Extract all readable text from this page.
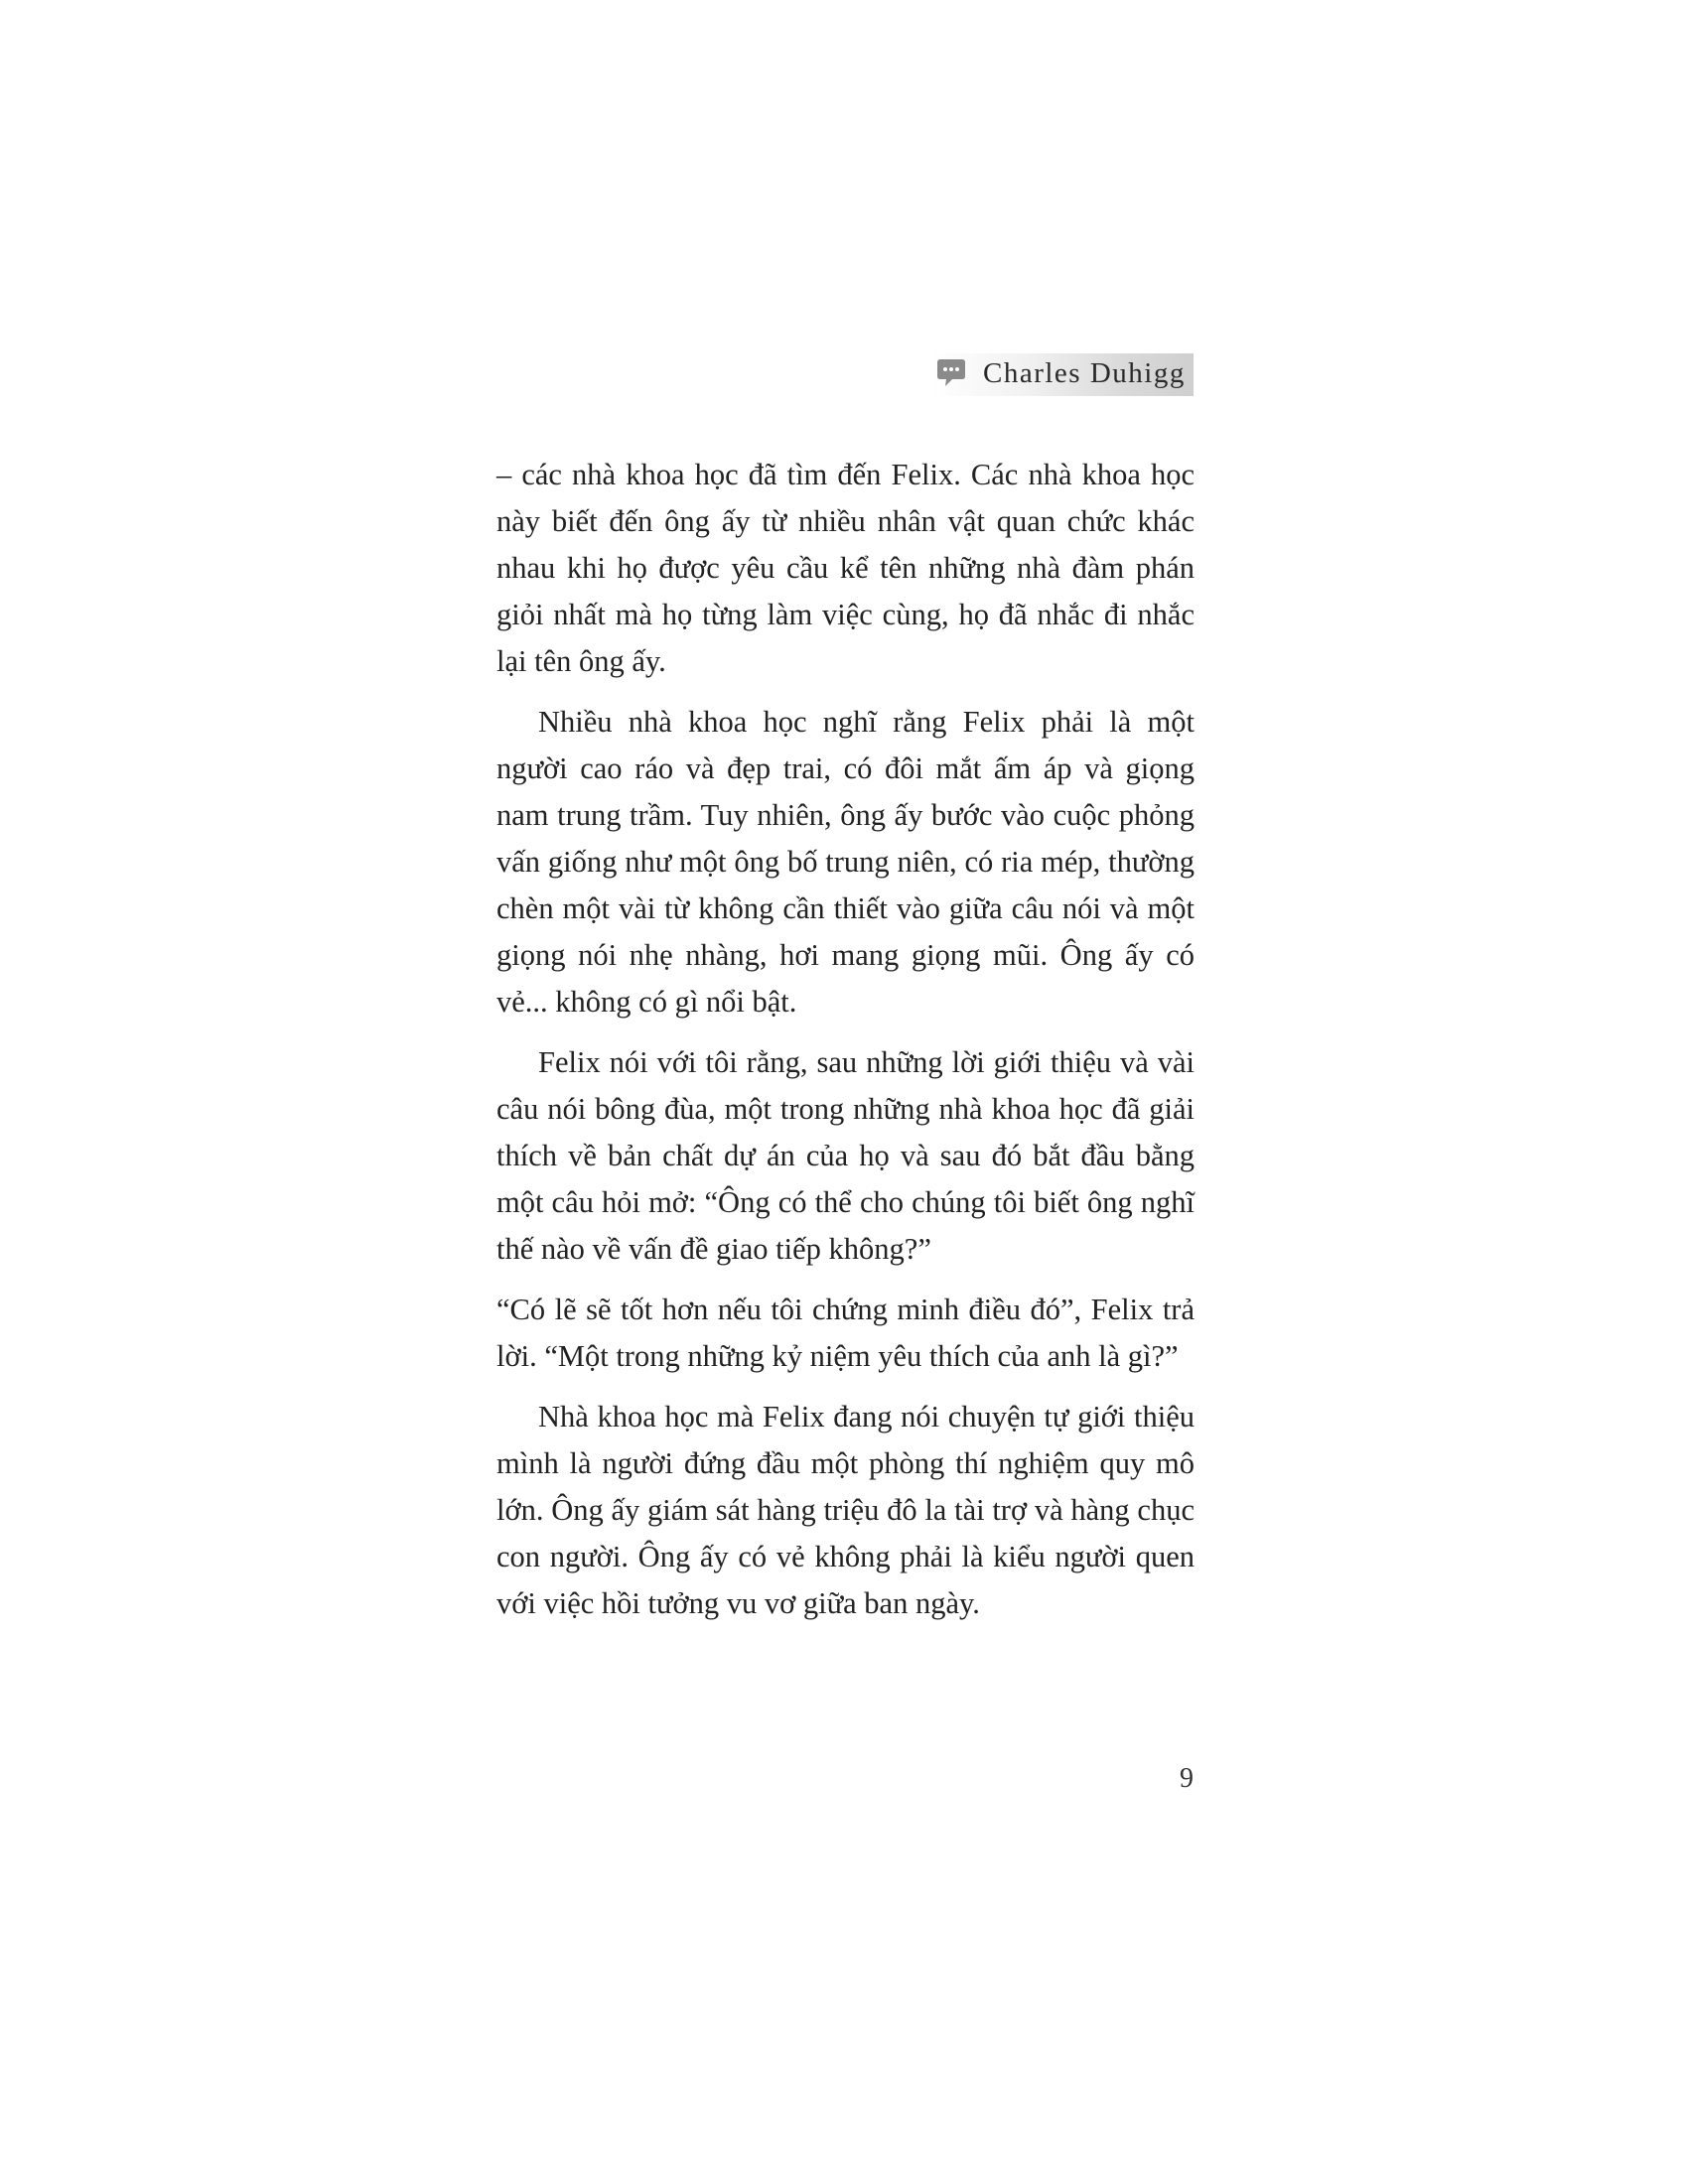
Charles Duhigg

– các nhà khoa học đã tìm đến Felix. Các nhà khoa học này biết đến ông ấy từ nhiều nhân vật quan chức khác nhau khi họ được yêu cầu kể tên những nhà đàm phán giỏi nhất mà họ từng làm việc cùng, họ đã nhắc đi nhắc lại tên ông ấy.

Nhiều nhà khoa học nghĩ rằng Felix phải là một người cao ráo và đẹp trai, có đôi mắt ấm áp và giọng nam trung trầm. Tuy nhiên, ông ấy bước vào cuộc phỏng vấn giống như một ông bố trung niên, có ria mép, thường chèn một vài từ không cần thiết vào giữa câu nói và một giọng nói nhẹ nhàng, hơi mang giọng mũi. Ông ấy có vẻ... không có gì nổi bật.

Felix nói với tôi rằng, sau những lời giới thiệu và vài câu nói bông đùa, một trong những nhà khoa học đã giải thích về bản chất dự án của họ và sau đó bắt đầu bằng một câu hỏi mở: “Ông có thể cho chúng tôi biết ông nghĩ thế nào về vấn đề giao tiếp không?”

“Có lẽ sẽ tốt hơn nếu tôi chứng minh điều đó”, Felix trả lời. “Một trong những kỷ niệm yêu thích của anh là gì?”

Nhà khoa học mà Felix đang nói chuyện tự giới thiệu mình là người đứng đầu một phòng thí nghiệm quy mô lớn. Ông ấy giám sát hàng triệu đô la tài trợ và hàng chục con người. Ông ấy có vẻ không phải là kiểu người quen với việc hồi tưởng vu vơ giữa ban ngày.

9
